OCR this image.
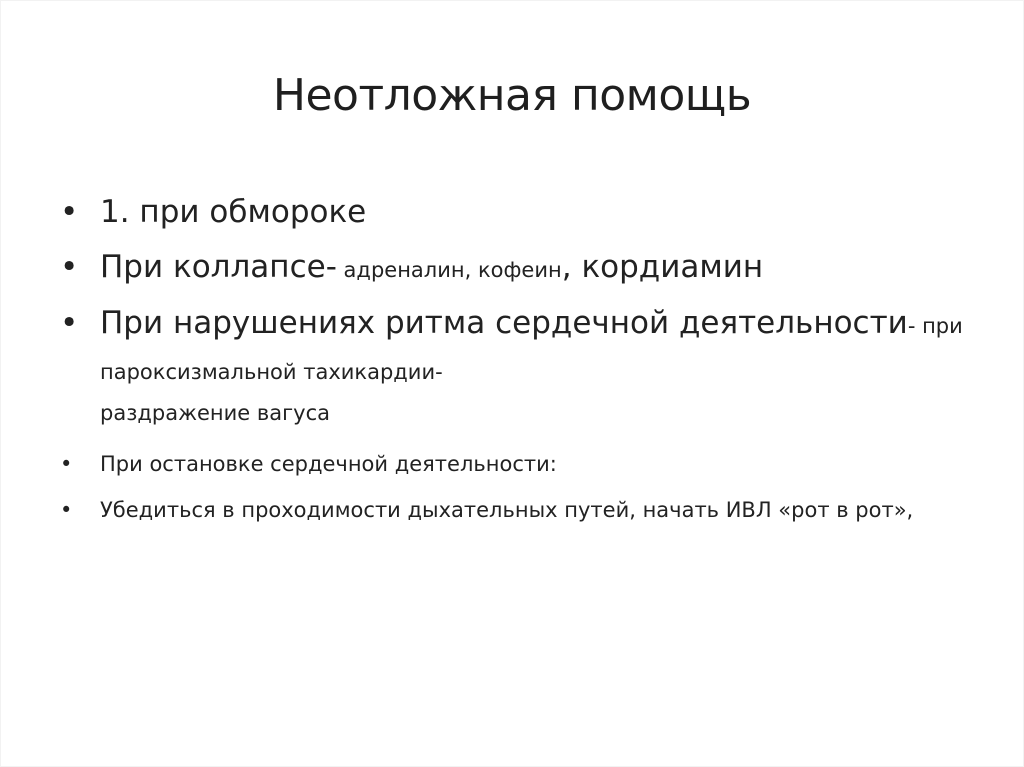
Неотложная помощь
• 1. при обмороке
• При коллапсе- адреналин, кофеин, кордиамин
• При нарушениях ритма сердечной деятельности- при пароксизмальной тахикардии-
раздражение вагуса
• При остановке сердечной деятельности:
• Убедиться в проходимости дыхательных путей, начать ИВЛ «рот в рот»,
